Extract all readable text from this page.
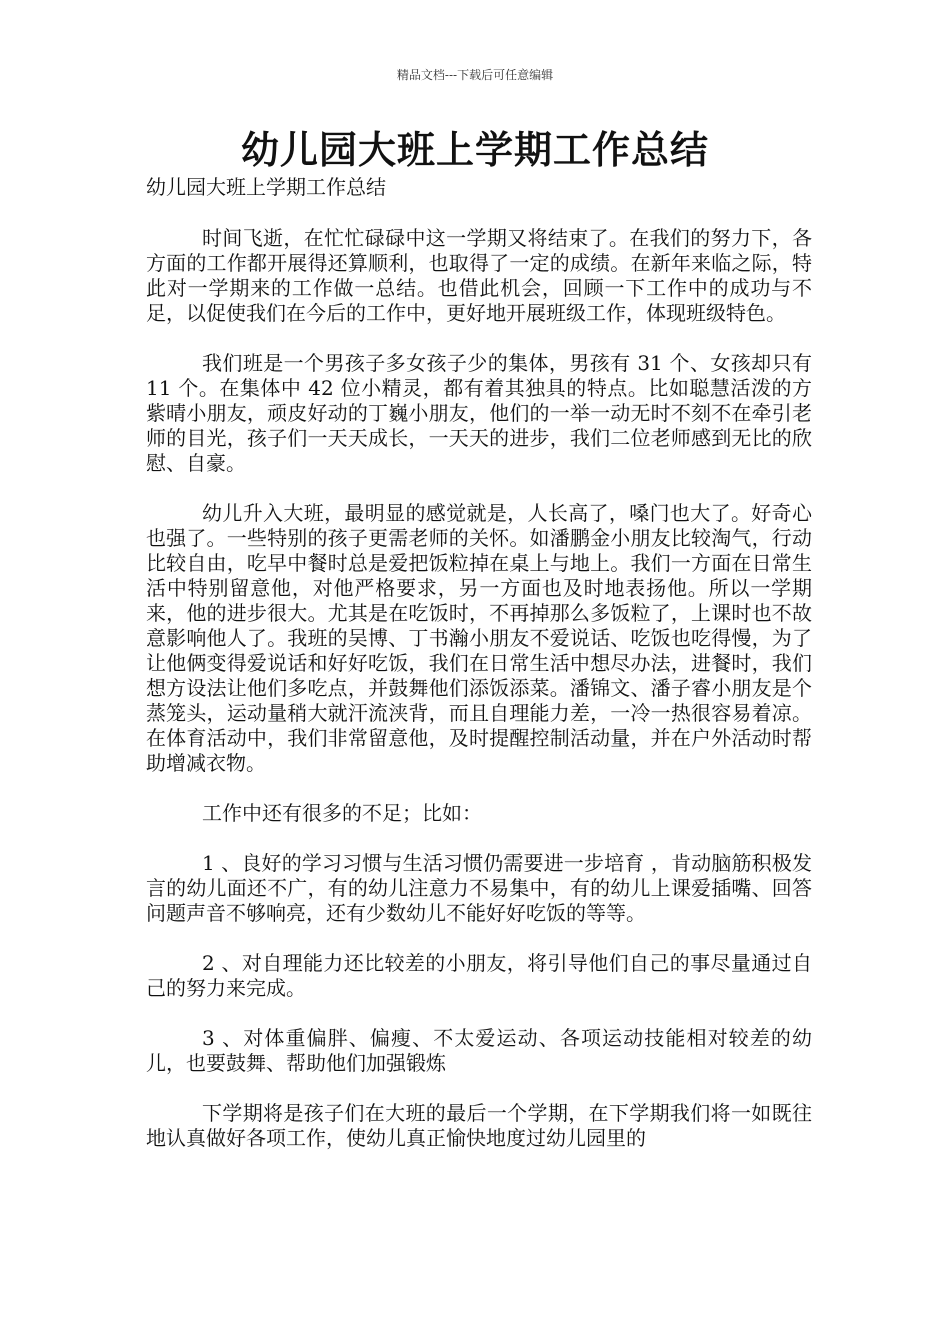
精品文档---下载后可任意编辑
幼儿园大班上学期工作总结
幼儿园大班上学期工作总结

时间飞逝，在忙忙碌碌中这一学期又将结束了。在我们的努力下，各方面的工作都开展得还算顺利，也取得了一定的成绩。在新年来临之际，特此对一学期来的工作做一总结。也借此机会，回顾一下工作中的成功与不足，以促使我们在今后的工作中，更好地开展班级工作，体现班级特色。

我们班是一个男孩子多女孩子少的集体，男孩有 31 个、女孩却只有 11 个。在集体中 42 位小精灵，都有着其独具的特点。比如聪慧活泼的方紫晴小朋友，顽皮好动的丁巍小朋友，他们的一举一动无时不刻不在牵引老师的目光，孩子们一天天成长，一天天的进步，我们二位老师感到无比的欣慰、自豪。

幼儿升入大班，最明显的感觉就是，人长高了，嗓门也大了。好奇心也强了。一些特别的孩子更需老师的关怀。如潘鹏金小朋友比较淘气，行动比较自由，吃早中餐时总是爱把饭粒掉在桌上与地上。我们一方面在日常生活中特别留意他，对他严格要求，另一方面也及时地表扬他。所以一学期来，他的进步很大。尤其是在吃饭时，不再掉那么多饭粒了，上课时也不故意影响他人了。我班的吴博、丁书瀚小朋友不爱说话、吃饭也吃得慢，为了让他俩变得爱说话和好好吃饭，我们在日常生活中想尽办法，进餐时，我们想方设法让他们多吃点，并鼓舞他们添饭添菜。潘锦文、潘子睿小朋友是个蒸笼头，运动量稍大就汗流浃背，而且自理能力差，一冷一热很容易着凉。在体育活动中，我们非常留意他，及时提醒控制活动量，并在户外活动时帮助增减衣物。

工作中还有很多的不足；比如：

1 、良好的学习习惯与生活习惯仍需要进一步培育 ，肯动脑筋积极发言的幼儿面还不广，有的幼儿注意力不易集中，有的幼儿上课爱插嘴、回答问题声音不够响亮，还有少数幼儿不能好好吃饭的等等。

2 、对自理能力还比较差的小朋友，将引导他们自己的事尽量通过自己的努力来完成。

3 、对体重偏胖、偏瘦、不太爱运动、各项运动技能相对较差的幼儿，也要鼓舞、帮助他们加强锻炼

下学期将是孩子们在大班的最后一个学期，在下学期我们将一如既往地认真做好各项工作，使幼儿真正愉快地度过幼儿园里的
